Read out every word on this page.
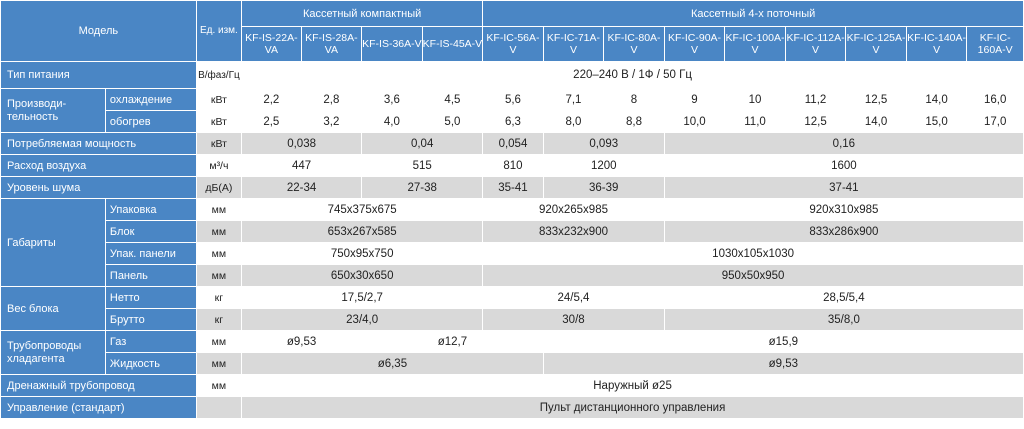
Модель		Ед. изм.	Кассетный компактный				Кассетный 4-х поточный								
			KF-IS-22A-VA	KF-IS-28A-VA	KF-IS-36A-V	KF-IS-45A-V	KF-IC-56A-V	KF-IC-71A-V	KF-IC-80A-V	KF-IC-90A-V	KF-IC-100A-V	KF-IC-112A-V	KF-IC-125A-V	KF-IC-140A-V	KF-IC-160A-V
Тип питания		В/фаз/Гц	220–240 В / 1Ф / 50 Гц												
Производи-тельность	охлаждение	кВт	2,2	2,8	3,6	4,5	5,6	7,1	8	9	10	11,2	12,5	14,0	16,0
	обогрев	кВт	2,5	3,2	4,0	5,0	6,3	8,0	8,8	10,0	11,0	12,5	14,0	15,0	17,0
Потребляемая мощность		кВт	0,038		0,04		0,054	0,093		0,16					
Расход воздуха		м³/ч	447		515		810	1200		1600					
Уровень шума		дБ(А)	22-34		27-38		35-41	36-39		37-41					
Габариты	Упаковка	мм	745x375x675				920x265x985			920x310x985					
	Блок	мм	653x267x585				833x232x900			833x286x900					
	Упак. панели	мм	750x95x750				1030x105x1030								
	Панель	мм	650x30x650				950x50x950								
Вес блока	Нетто	кг	17,5/2,7				24/5,4			28,5/5,4					
	Брутто	кг	23/4,0				30/8			35/8,0					
Трубопроводы хладагента	Газ	мм	ø9,53		ø12,7			ø15,9							
	Жидкость	мм	ø6,35					ø9,53							
Дренажный трубопровод		мм	Наружный ø25												
Управление (стандарт)			Пульт дистанционного управления												
